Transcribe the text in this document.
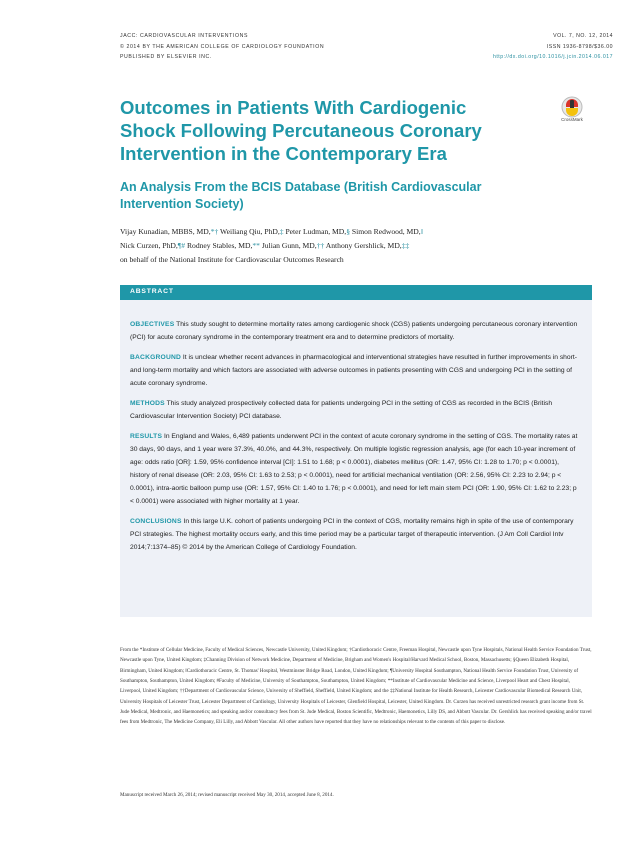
JACC: CARDIOVASCULAR INTERVENTIONS
© 2014 BY THE AMERICAN COLLEGE OF CARDIOLOGY FOUNDATION
PUBLISHED BY ELSEVIER INC.
VOL. 7, NO. 12, 2014
ISSN 1936-8798/$36.00
http://dx.doi.org/10.1016/j.jcin.2014.06.017
Outcomes in Patients With Cardiogenic Shock Following Percutaneous Coronary Intervention in the Contemporary Era
CrossMark
An Analysis From the BCIS Database (British Cardiovascular Intervention Society)
Vijay Kunadian, MBBS, MD,*† Weiliang Qiu, PhD,‡ Peter Ludman, MD,§ Simon Redwood, MD,‖
Nick Curzen, PhD,¶# Rodney Stables, MD,** Julian Gunn, MD,†† Anthony Gershlick, MD,‡‡
on behalf of the National Institute for Cardiovascular Outcomes Research
ABSTRACT

OBJECTIVES This study sought to determine mortality rates among cardiogenic shock (CGS) patients undergoing percutaneous coronary intervention (PCI) for acute coronary syndrome in the contemporary treatment era and to determine predictors of mortality.

BACKGROUND It is unclear whether recent advances in pharmacological and interventional strategies have resulted in further improvements in short- and long-term mortality and which factors are associated with adverse outcomes in patients presenting with CGS and undergoing PCI in the setting of acute coronary syndrome.

METHODS This study analyzed prospectively collected data for patients undergoing PCI in the setting of CGS as recorded in the BCIS (British Cardiovascular Intervention Society) PCI database.

RESULTS In England and Wales, 6,489 patients underwent PCI in the context of acute coronary syndrome in the setting of CGS. The mortality rates at 30 days, 90 days, and 1 year were 37.3%, 40.0%, and 44.3%, respectively. On multiple logistic regression analysis, age (for each 10-year increment of age: odds ratio [OR]: 1.59, 95% confidence interval [CI]: 1.51 to 1.68; p < 0.0001), diabetes mellitus (OR: 1.47, 95% CI: 1.28 to 1.70; p < 0.0001), history of renal disease (OR: 2.03, 95% CI: 1.63 to 2.53; p < 0.0001), need for artificial mechanical ventilation (OR: 2.56, 95% CI: 2.23 to 2.94; p < 0.0001), intra-aortic balloon pump use (OR: 1.57, 95% CI: 1.40 to 1.76; p < 0.0001), and need for left main stem PCI (OR: 1.90, 95% CI: 1.62 to 2.23; p < 0.0001) were associated with higher mortality at 1 year.

CONCLUSIONS In this large U.K. cohort of patients undergoing PCI in the context of CGS, mortality remains high in spite of the use of contemporary PCI strategies. The highest mortality occurs early, and this time period may be a particular target of therapeutic intervention. (J Am Coll Cardiol Intv 2014;7:1374–85) © 2014 by the American College of Cardiology Foundation.

From the *Institute of Cellular Medicine, Faculty of Medical Sciences, Newcastle University, United Kingdom; †Cardiothoracic Centre, Freeman Hospital, Newcastle upon Tyne Hospitals, National Health Service Foundation Trust, Newcastle upon Tyne, United Kingdom; ‡Channing Division of Network Medicine, Department of Medicine, Brigham and Women's Hospital/Harvard Medical School, Boston, Massachusetts; §Queen Elizabeth Hospital, Birmingham, United Kingdom; ‖Cardiothoracic Centre, St. Thomas' Hospital, Westminster Bridge Road, London, United Kingdom; ¶University Hospital Southampton, National Health Service Foundation Trust, University of Southampton, Southampton, United Kingdom; #Faculty of Medicine, University of Southampton, Southampton, United Kingdom; **Institute of Cardiovascular Medicine and Science, Liverpool Heart and Chest Hospital, Liverpool, United Kingdom; ††Department of Cardiovascular Science, University of Sheffield, Sheffield, United Kingdom; and the ‡‡National Institute for Health Research, Leicester Cardiovascular Biomedical Research Unit, University Hospitals of Leicester Trust, Leicester Department of Cardiology, University Hospitals of Leicester, Glenfield Hospital, Leicester, United Kingdom. Dr. Curzen has received unrestricted research grant income from St. Jude Medical, Medtronic, and Haemonetics; and speaking and/or consultancy fees from St. Jude Medical, Boston Scientific, Medtronic, Haemonetics, Lilly DS, and Abbott Vascular. Dr. Gershlick has received speaking and/or travel fees from Medtronic, The Medicine Company, Eli Lilly, and Abbott Vascular. All other authors have reported that they have no relationships relevant to the contents of this paper to disclose.
Manuscript received March 26, 2014; revised manuscript received May 30, 2014, accepted June 8, 2014.
